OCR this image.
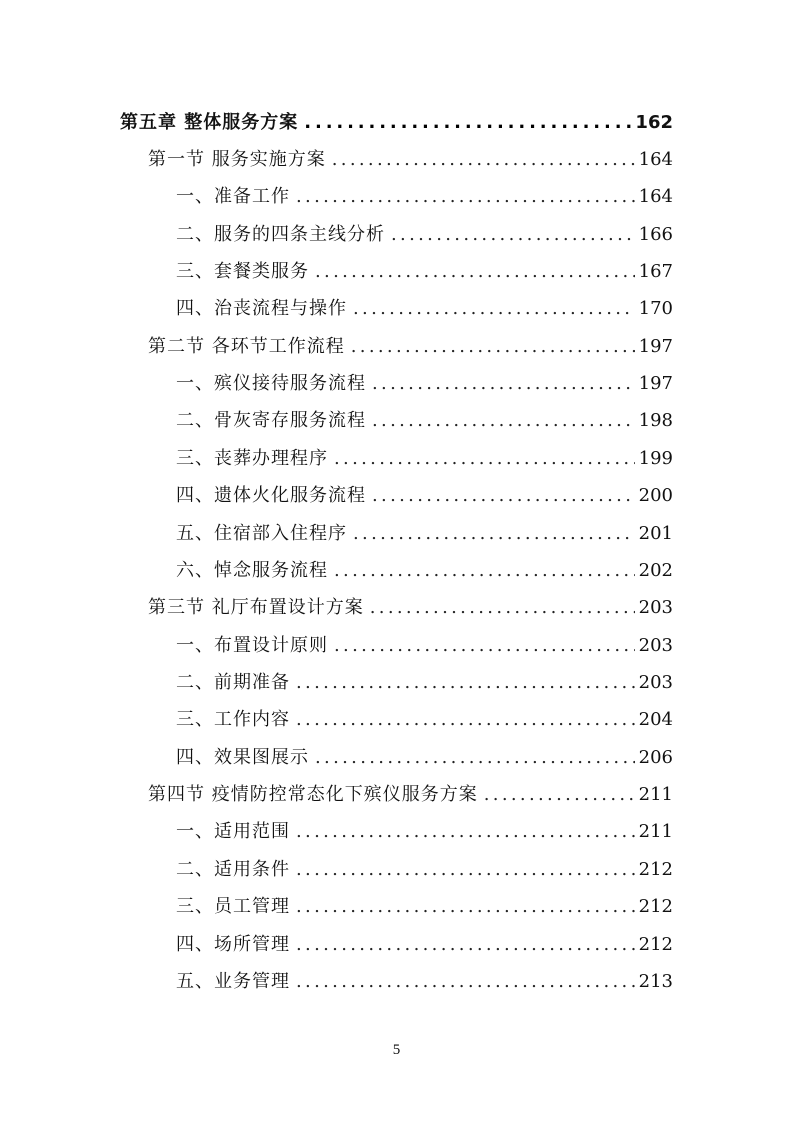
第五章 整体服务方案 . . .	162
第一节 服务实施方案 . . .	164
一、准备工作 . . .	164
二、服务的四条主线分析 . . .	166
三、套餐类服务 . . .	167
四、治丧流程与操作 . . .	170
第二节 各环节工作流程 . . .	197
一、殡仪接待服务流程 . . .	197
二、骨灰寄存服务流程 . . .	198
三、丧葬办理程序 . . .	199
四、遗体火化服务流程 . . .	200
五、住宿部入住程序 . . .	201
六、悼念服务流程 . . .	202
第三节 礼厅布置设计方案 . . .	203
一、布置设计原则 . . .	203
二、前期准备 . . .	203
三、工作内容 . . .	204
四、效果图展示 . . .	206
第四节 疫情防控常态化下殡仪服务方案 . . .	211
一、适用范围 . . .	211
二、适用条件 . . .	212
三、员工管理 . . .	212
四、场所管理 . . .	212
五、业务管理 . . .	213
5
